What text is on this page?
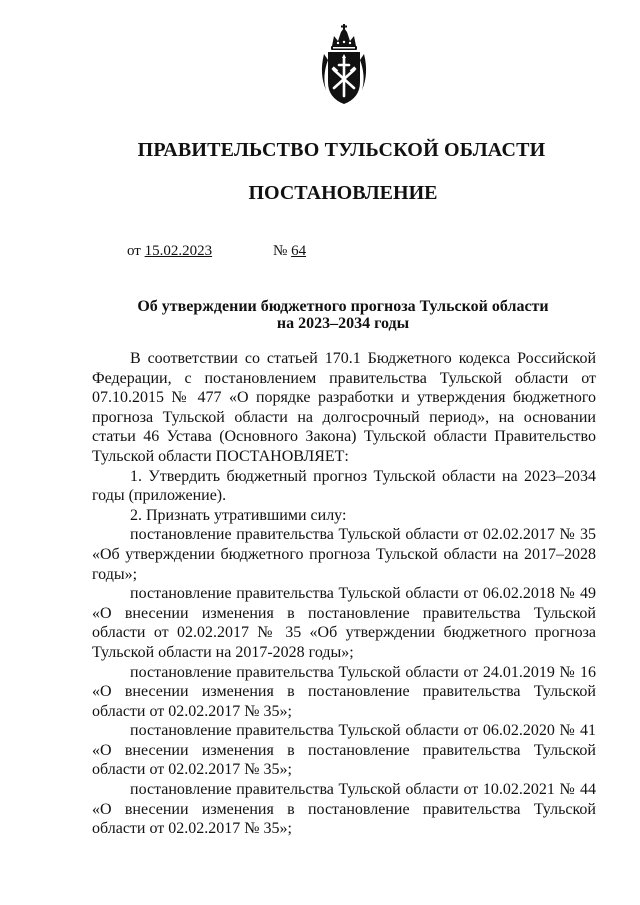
ПРАВИТЕЛЬСТВО ТУЛЬСКОЙ ОБЛАСТИ
ПОСТАНОВЛЕНИЕ
от 15.02.2023	№ 64
Об утверждении бюджетного прогноза Тульской области
на 2023–2034 годы

В соответствии со статьей 170.1 Бюджетного кодекса Российской Федерации, с постановлением правительства Тульской области от 07.10.2015 № 477 «О порядке разработки и утверждения бюджетного прогноза Тульской области на долгосрочный период», на основании статьи 46 Устава (Основного Закона) Тульской области Правительство Тульской области ПОСТАНОВЛЯЕТ:

1. Утвердить бюджетный прогноз Тульской области на 2023–2034 годы (приложение).

2. Признать утратившими силу:

постановление правительства Тульской области от 02.02.2017 № 35 «Об утверждении бюджетного прогноза Тульской области на 2017–2028 годы»;

постановление правительства Тульской области от 06.02.2018 № 49 «О внесении изменения в постановление правительства Тульской области от 02.02.2017 № 35 «Об утверждении бюджетного прогноза Тульской области на 2017-2028 годы»;

постановление правительства Тульской области от 24.01.2019 № 16 «О внесении изменения в постановление правительства Тульской области от 02.02.2017 № 35»;

постановление правительства Тульской области от 06.02.2020 № 41 «О внесении изменения в постановление правительства Тульской области от 02.02.2017 № 35»;

постановление правительства Тульской области от 10.02.2021 № 44 «О внесении изменения в постановление правительства Тульской области от 02.02.2017 № 35»;
